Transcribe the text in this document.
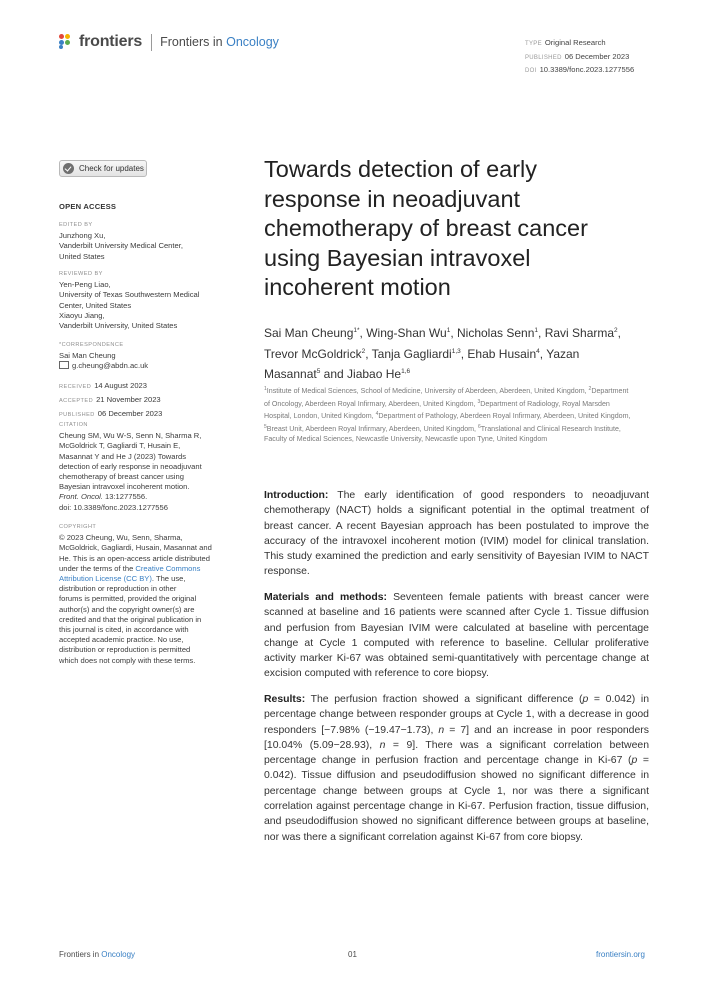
frontiers Frontiers in Oncology	TYPE Original Research
PUBLISHED 06 December 2023
DOI 10.3389/fonc.2023.1277556
Check for updates
OPEN ACCESS
EDITED BY
Junzhong Xu,
Vanderbilt University Medical Center,
United States
REVIEWED BY
Yen-Peng Liao,
University of Texas Southwestern Medical
Center, United States
Xiaoyu Jiang,
Vanderbilt University, United States
*CORRESPONDENCE
Sai Man Cheung
g.cheung@abdn.ac.uk
RECEIVED 14 August 2023
ACCEPTED 21 November 2023
PUBLISHED 06 December 2023
CITATION
Cheung SM, Wu W-S, Senn N, Sharma R,
McGoldrick T, Gagliardi T, Husain E,
Masannat Y and He J (2023) Towards
detection of early response in neoadjuvant
chemotherapy of breast cancer using
Bayesian intravoxel incoherent motion.
Front. Oncol. 13:1277556.
doi: 10.3389/fonc.2023.1277556
COPYRIGHT
© 2023 Cheung, Wu, Senn, Sharma,
McGoldrick, Gagliardi, Husain, Masannat and
He. This is an open-access article distributed
under the terms of the Creative Commons
Attribution License (CC BY). The use,
distribution or reproduction in other
forums is permitted, provided the original
author(s) and the copyright owner(s) are
credited and that the original publication in
this journal is cited, in accordance with
accepted academic practice. No use,
distribution or reproduction is permitted
which does not comply with these terms.
Towards detection of early response in neoadjuvant chemotherapy of breast cancer using Bayesian intravoxel incoherent motion
Sai Man Cheung$^{1*}$, Wing-Shan Wu$^1$, Nicholas Senn$^1$, Ravi Sharma$^2$, Trevor McGoldrick$^2$, Tanja Gagliardi$^{1,3}$, Ehab Husain$^4$, Yazan Masannat$^5$ and Jiabao He$^{1,6}$
$^1$Institute of Medical Sciences, School of Medicine, University of Aberdeen, Aberdeen, United Kingdom, $^2$Department of Oncology, Aberdeen Royal Infirmary, Aberdeen, United Kingdom, $^3$Department of Radiology, Royal Marsden Hospital, London, United Kingdom, $^4$Department of Pathology, Aberdeen Royal Infirmary, Aberdeen, United Kingdom, $^5$Breast Unit, Aberdeen Royal Infirmary, Aberdeen, United Kingdom, $^6$Translational and Clinical Research Institute, Faculty of Medical Sciences, Newcastle University, Newcastle upon Tyne, United Kingdom
Introduction: The early identification of good responders to neoadjuvant chemotherapy (NACT) holds a significant potential in the optimal treatment of breast cancer. A recent Bayesian approach has been postulated to improve the accuracy of the intravoxel incoherent motion (IVIM) model for clinical translation. This study examined the prediction and early sensitivity of Bayesian IVIM to NACT response.
Materials and methods: Seventeen female patients with breast cancer were scanned at baseline and 16 patients were scanned after Cycle 1. Tissue diffusion and perfusion from Bayesian IVIM were calculated at baseline with percentage change at Cycle 1 computed with reference to baseline. Cellular proliferative activity marker Ki-67 was obtained semi-quantitatively with percentage change at excision computed with reference to core biopsy.
Results: The perfusion fraction showed a significant difference (p = 0.042) in percentage change between responder groups at Cycle 1, with a decrease in good responders [−7.98% (−19.47−1.73), n = 7] and an increase in poor responders [10.04% (5.09−28.93), n = 9]. There was a significant correlation between percentage change in perfusion fraction and percentage change in Ki-67 (p = 0.042). Tissue diffusion and pseudodiffusion showed no significant difference in percentage change between groups at Cycle 1, nor was there a significant correlation against percentage change in Ki-67. Perfusion fraction, tissue diffusion, and pseudodiffusion showed no significant difference between groups at baseline, nor was there a significant correlation against Ki-67 from core biopsy.
Frontiers in Oncology	01	frontiersin.org
